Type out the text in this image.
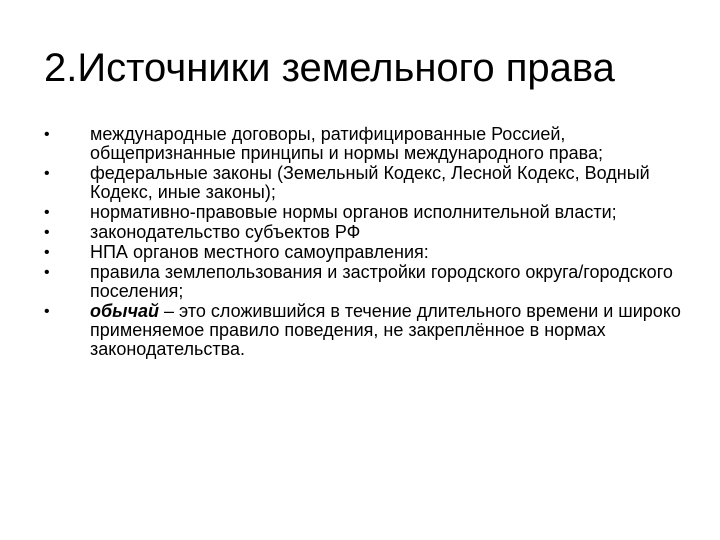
2.Источники земельного права
• международные договоры, ратифицированные Россией, общепризнанные принципы и нормы международного права;
• федеральные законы (Земельный Кодекс, Лесной Кодекс, Водный Кодекс, иные законы);
• нормативно-правовые нормы органов исполнительной власти;
• законодательство субъектов РФ
• НПА органов местного самоуправления:
• правила землепользования и застройки городского округа/городского поселения;
• обычай – это сложившийся в течение длительного времени и широко применяемое правило поведения, не закреплённое в нормах законодательства.
